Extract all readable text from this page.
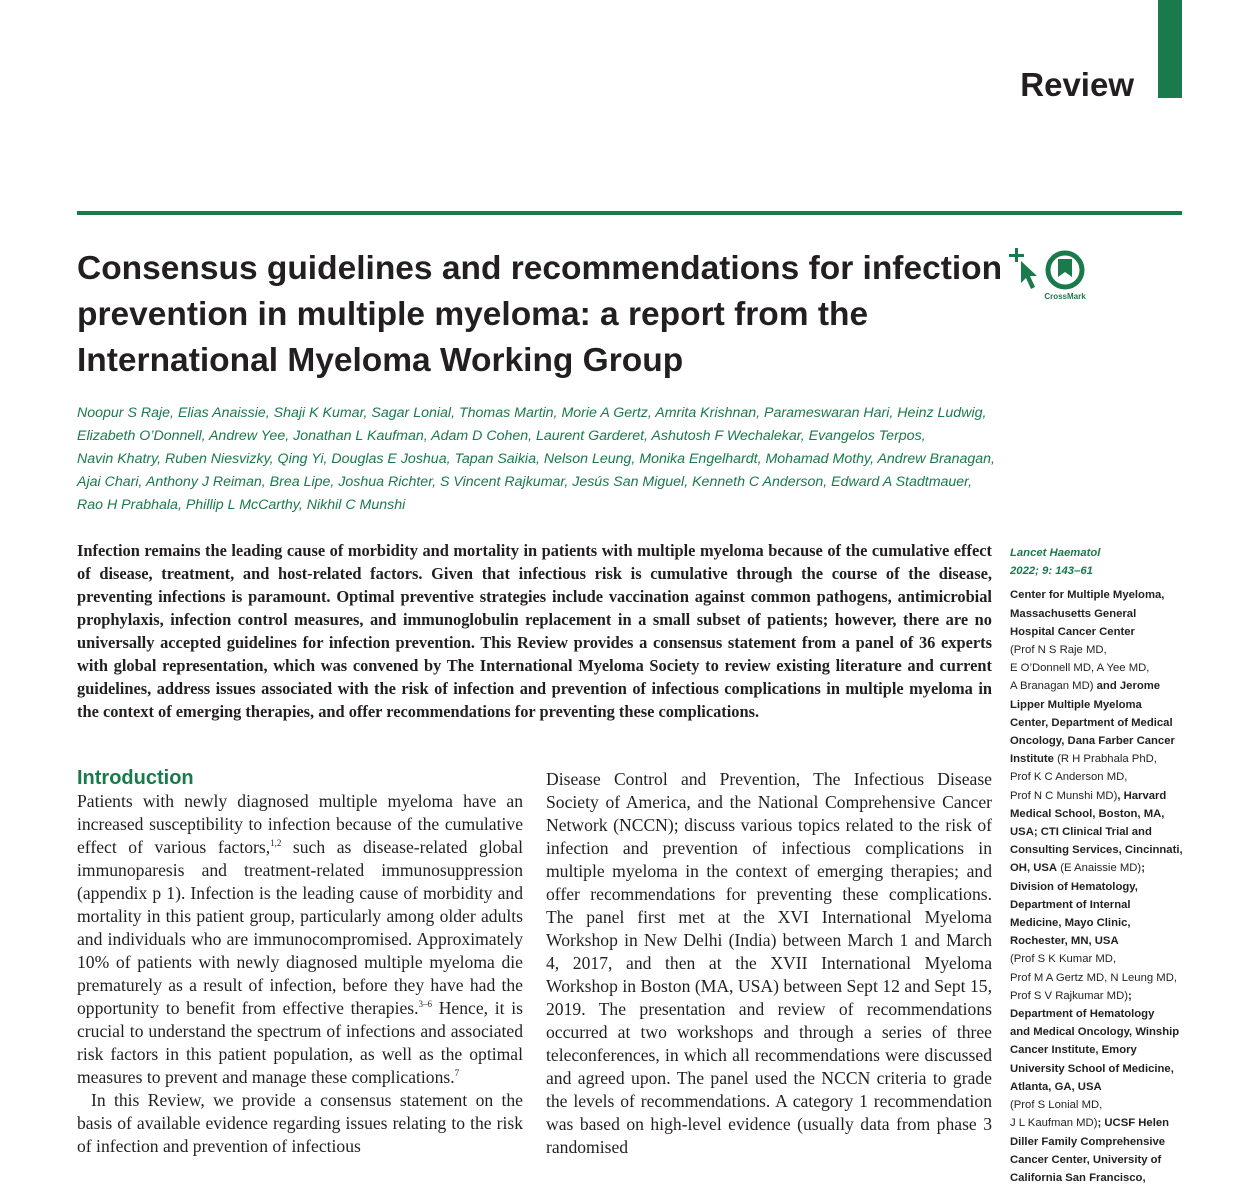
Review
Consensus guidelines and recommendations for infection
prevention in multiple myeloma: a report from the
International Myeloma Working Group
CrossMark
Noopur S Raje, Elias Anaissie, Shaji K Kumar, Sagar Lonial, Thomas Martin, Morie A Gertz, Amrita Krishnan, Parameswaran Hari, Heinz Ludwig,
Elizabeth O’Donnell, Andrew Yee, Jonathan L Kaufman, Adam D Cohen, Laurent Garderet, Ashutosh F Wechalekar, Evangelos Terpos,
Navin Khatry, Ruben Niesvizky, Qing Yi, Douglas E Joshua, Tapan Saikia, Nelson Leung, Monika Engelhardt, Mohamad Mothy, Andrew Branagan,
Ajai Chari, Anthony J Reiman, Brea Lipe, Joshua Richter, S Vincent Rajkumar, Jesús San Miguel, Kenneth C Anderson, Edward A Stadtmauer,
Rao H Prabhala, Phillip L McCarthy, Nikhil C Munshi

Infection remains the leading cause of morbidity and mortality in patients with multiple myeloma because of the cumulative effect of disease, treatment, and host-related factors. Given that infectious risk is cumulative through the course of the disease, preventing infections is paramount. Optimal preventive strategies include vaccination against common pathogens, antimicrobial prophylaxis, infection control measures, and immunoglobulin replacement in a small subset of patients; however, there are no universally accepted guidelines for infection prevention. This Review provides a consensus statement from a panel of 36 experts with global representation, which was convened by The International Myeloma Society to review existing literature and current guidelines, address issues associated with the risk of infection and prevention of infectious complications in multiple myeloma in the context of emerging therapies, and offer recommendations for preventing these complications.

Introduction

Patients with newly diagnosed multiple myeloma have an increased susceptibility to infection because of the cumulative effect of various factors,$^{1,2}$ such as disease-related global immunoparesis and treatment-related immunosuppression (appendix p 1). Infection is the leading cause of morbidity and mortality in this patient group, particularly among older adults and individuals who are immunocompromised. Approximately 10% of patients with newly diagnosed multiple myeloma die prematurely as a result of infection, before they have had the opportunity to benefit from effective therapies.$^{3-6}$ Hence, it is crucial to understand the spectrum of infections and associated risk factors in this patient population, as well as the optimal measures to prevent and manage these complications.$^7$

In this Review, we provide a consensus statement on the basis of available evidence regarding issues relating to the risk of infection and prevention of infectious

Disease Control and Prevention, The Infectious Disease Society of America, and the National Comprehensive Cancer Network (NCCN); discuss various topics related to the risk of infection and prevention of infectious complications in multiple myeloma in the context of emerging therapies; and offer recommendations for preventing these complications. The panel first met at the XVI International Myeloma Workshop in New Delhi (India) between March 1 and March 4, 2017, and then at the XVII International Myeloma Workshop in Boston (MA, USA) between Sept 12 and Sept 15, 2019. The presentation and review of recommendations occurred at two workshops and through a series of three teleconferences, in which all recommendations were discussed and agreed upon. The panel used the NCCN criteria to grade the levels of recommendations. A category 1 recommendation was based on high-level evidence (usually data from phase 3 randomised

Lancet Haematol
2022; 9: 143–61
Center for Multiple Myeloma,
Massachusetts General
Hospital Cancer Center
(Prof N S Raje MD,
E O’Donnell MD, A Yee MD,
A Branagan MD) and Jerome
Lipper Multiple Myeloma
Center, Department of Medical
Oncology, Dana Farber Cancer
Institute (R H Prabhala PhD,
Prof K C Anderson MD,
Prof N C Munshi MD), Harvard
Medical School, Boston, MA,
USA; CTI Clinical Trial and
Consulting Services, Cincinnati,
OH, USA (E Anaissie MD);
Division of Hematology,
Department of Internal
Medicine, Mayo Clinic,
Rochester, MN, USA
(Prof S K Kumar MD,
Prof M A Gertz MD, N Leung MD,
Prof S V Rajkumar MD);
Department of Hematology
and Medical Oncology, Winship
Cancer Institute, Emory
University School of Medicine,
Atlanta, GA, USA
(Prof S Lonial MD,
J L Kaufman MD); UCSF Helen
Diller Family Comprehensive
Cancer Center, University of
California San Francisco,
